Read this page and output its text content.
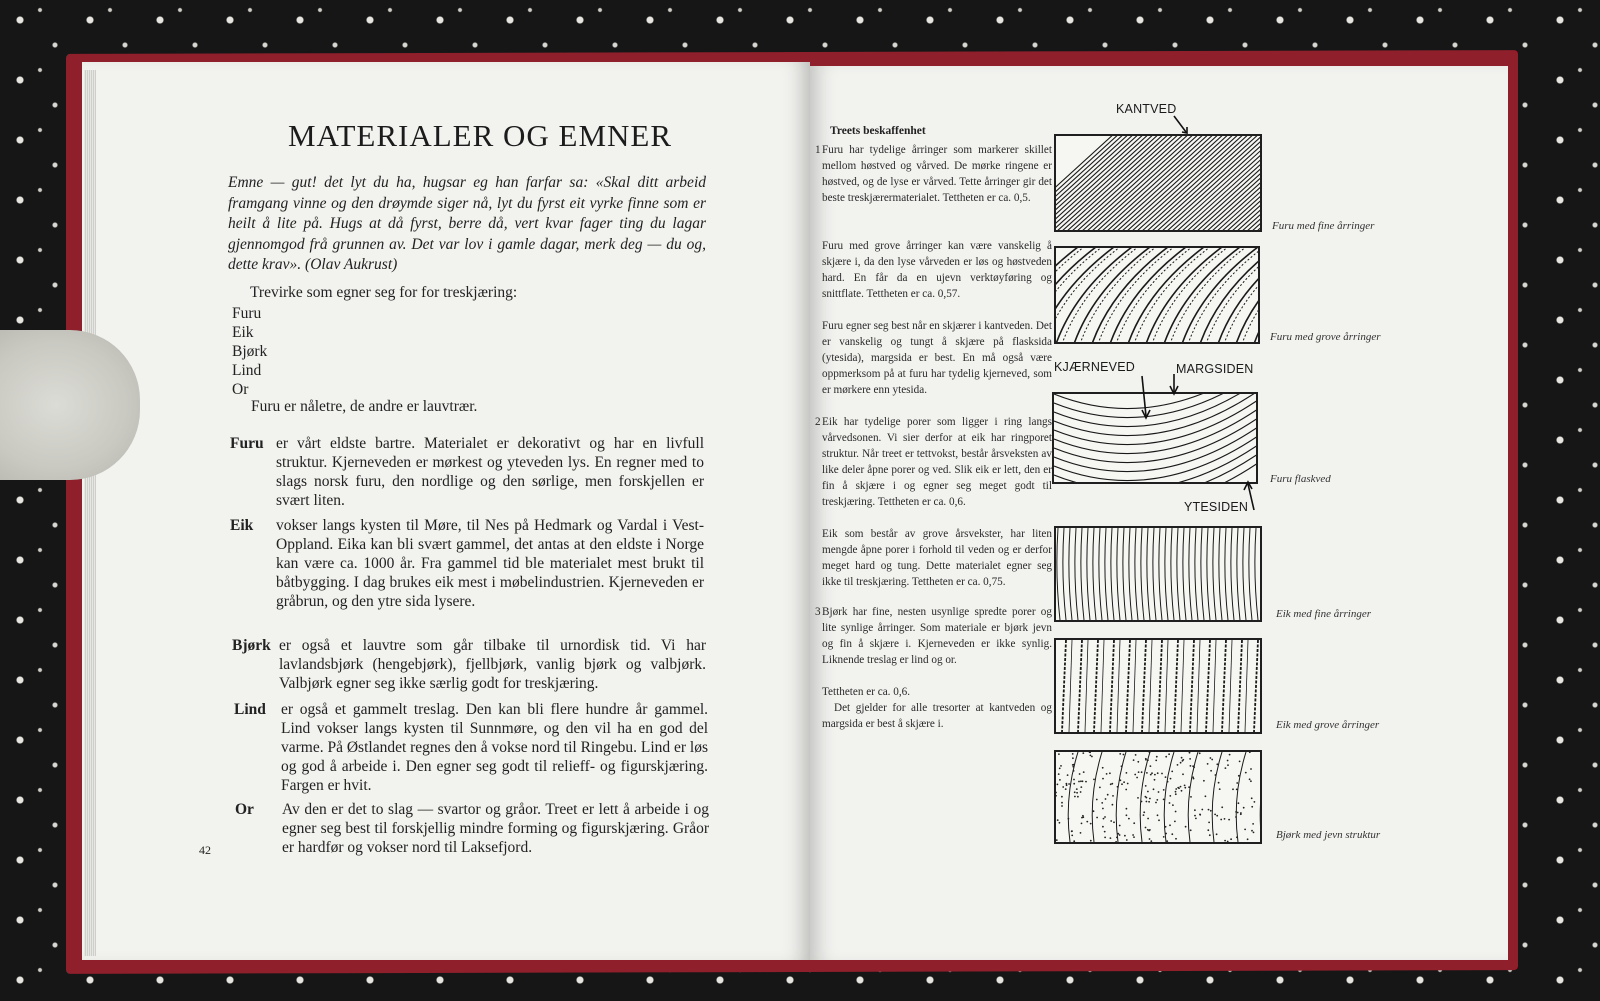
MATERIALER OG EMNER
Emne — gut! det lyt du ha, hugsar eg han farfar sa: «Skal ditt arbeid framgang vinne og den drøymde siger nå, lyt du fyrst eit vyrke finne som er heilt å lite på. Hugs at då fyrst, berre då, vert kvar fager ting du lagar gjennomgod frå grunnen av. Det var lov i gamle dagar, merk deg — du og, dette krav». (Olav Aukrust)
Trevirke som egner seg for for treskjæring:
Furu
Eik
Bjørk
Lind
Or
Furu er nåletre, de andre er lauvtrær.
Furu er vårt eldste bartre. Materialet er dekorativt og har en livfull struktur. Kjerneveden er mørkest og yteveden lys. En regner med to slags norsk furu, den nordlige og den sørlige, men forskjellen er svært liten.
Eik vokser langs kysten til Møre, til Nes på Hedmark og Vardal i Vest-Oppland. Eika kan bli svært gammel, det antas at den eldste i Norge kan være ca. 1000 år. Fra gammel tid ble materialet mest brukt til båtbygging. I dag brukes eik mest i møbelindustrien. Kjerneveden er gråbrun, og den ytre sida lysere.
Bjørk er også et lauvtre som går tilbake til urnordisk tid. Vi har lavlandsbjørk (hengebjørk), fjellbjørk, vanlig bjørk og valbjørk. Valbjørk egner seg ikke særlig godt for treskjæring.
Lind er også et gammelt treslag. Den kan bli flere hundre år gammel. Lind vokser langs kysten til Sunnmøre, og den vil ha en god del varme. På Østlandet regnes den å vokse nord til Ringebu. Lind er løs og god å arbeide i. Den egner seg godt til relieff- og figurskjæring. Fargen er hvit.
Or Av den er det to slag — svartor og gråor. Treet er lett å arbeide i og egner seg best til forskjellig mindre forming og figurskjæring. Gråor er hardfør og vokser nord til Laksefjord.
42
Treets beskaffenhet
1 Furu har tydelige årringer som markerer skillet mellom høstved og vårved. De mørke ringene er høstved, og de lyse er vårved. Tette årringer gir det beste treskjærermaterialet. Tettheten er ca. 0,5.
Furu med grove årringer kan være vanskelig å skjære i, da den lyse vårveden er løs og høstveden hard. En får da en ujevn verktøyføring og snittflate. Tettheten er ca. 0,57.
Furu egner seg best når en skjærer i kantveden. Det er vanskelig og tungt å skjære på flasksida (ytesida), margsida er best. En må også være oppmerksom på at furu har tydelig kjerneved, som er mørkere enn ytesida.
2 Eik har tydelige porer som ligger i ring langs vårvedsonen. Vi sier derfor at eik har ringporet struktur. Når treet er tettvokst, består årsveksten av like deler åpne porer og ved. Slik eik er lett, den er fin å skjære i og egner seg meget godt til treskjæring. Tettheten er ca. 0,6.
Eik som består av grove årsvekster, har liten mengde åpne porer i forhold til veden og er derfor meget hard og tung. Dette materialet egner seg ikke til treskjæring. Tettheten er ca. 0,75.
3 Bjørk har fine, nesten usynlige spredte porer og lite synlige årringer. Som materiale er bjørk jevn og fin å skjære i. Kjerneveden er ikke synlig. Liknende treslag er lind og or.
Tettheten er ca. 0,6.
Det gjelder for alle tresorter at kantveden og margsida er best å skjære i.
KANTVED
KJÆRNEVED	MARGSIDEN
YTESIDEN
Furu med fine årringer
Furu med grove årringer
Furu flaskved
Eik med fine årringer
Eik med grove årringer
Bjørk med jevn struktur
